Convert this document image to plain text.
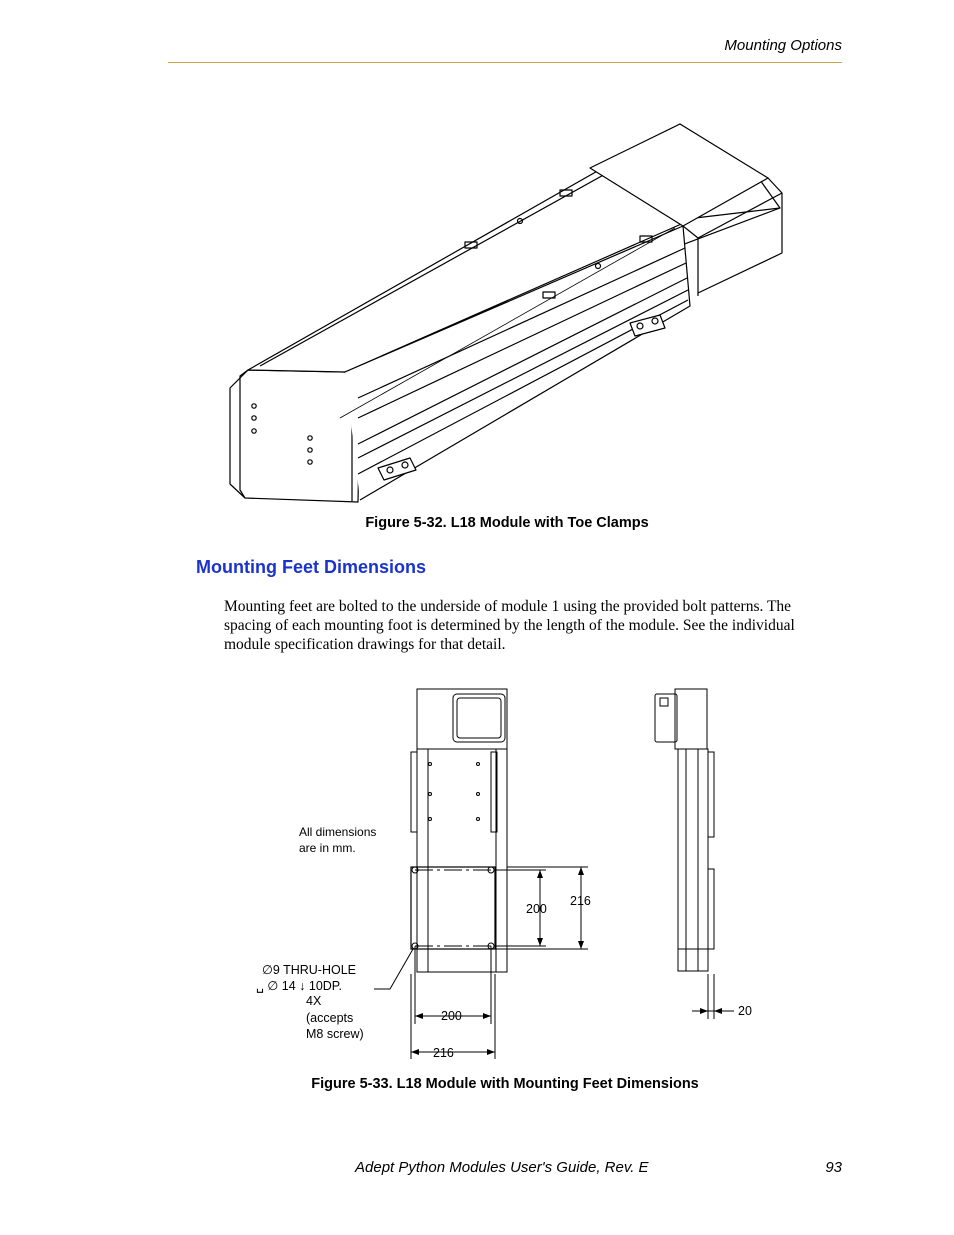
Mounting Options
Figure 5-32. L18 Module with Toe Clamps
Mounting Feet Dimensions
Mounting feet are bolted to the underside of module 1 using the provided bolt patterns. The spacing of each mounting foot is determined by the length of the module. See the individual module specification drawings for that detail.
All dimensions
are in mm.
∅9 THRU-HOLE
␣ ∅ 14 ↓ 10DP.
4X
(accepts
M8 screw)
200
216
200
216
20
Figure 5-33. L18 Module with Mounting Feet Dimensions
Adept Python Modules User's Guide, Rev. E	93
